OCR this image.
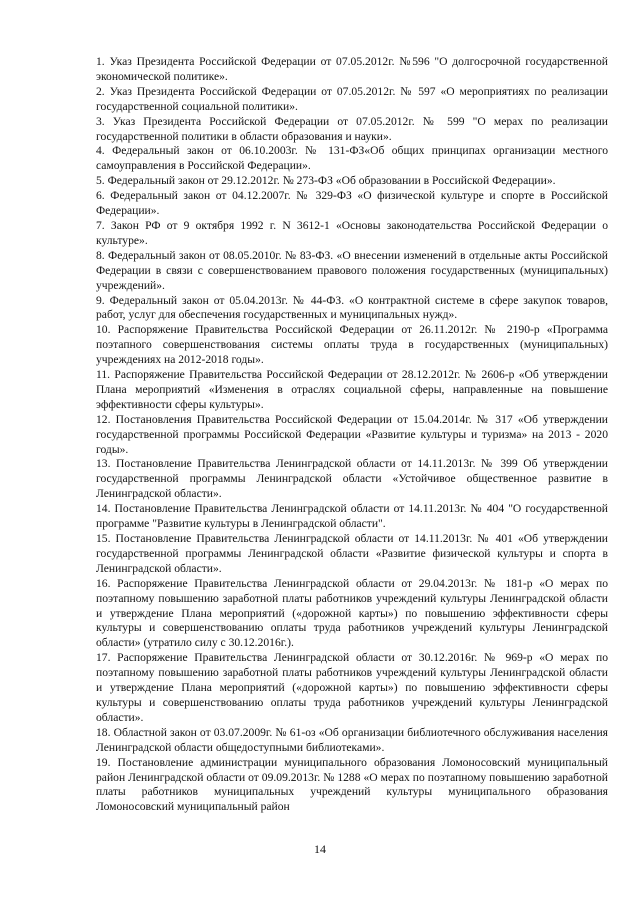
1. Указ Президента Российской Федерации от 07.05.2012г. №596 "О долгосрочной государственной экономической политике».

2. Указ Президента Российской Федерации от 07.05.2012г. № 597 «О мероприятиях по реализации государственной социальной политики».

3. Указ Президента Российской Федерации от 07.05.2012г. № 599 "О мерах по реализации государственной политики в области образования и науки».

4. Федеральный закон от 06.10.2003г. № 131-ФЗ«Об общих принципах организации местного самоуправления в Российской Федерации».

5. Федеральный закон от 29.12.2012г. № 273-ФЗ «Об образовании в Российской Федерации».

6. Федеральный закон от 04.12.2007г. № 329-ФЗ «О физической культуре и спорте в Российской Федерации».

7. Закон РФ от 9 октября 1992 г. N 3612-1 «Основы законодательства Российской Федерации о культуре».

8. Федеральный закон от 08.05.2010г. № 83-ФЗ. «О внесении изменений в отдельные акты Российской Федерации в связи с совершенствованием правового положения государственных (муниципальных) учреждений».

9. Федеральный закон от 05.04.2013г. № 44-ФЗ. «О контрактной системе в сфере закупок товаров, работ, услуг для обеспечения государственных и муниципальных нужд».

10. Распоряжение Правительства Российской Федерации от 26.11.2012г. № 2190-р «Программа поэтапного совершенствования системы оплаты труда в государственных (муниципальных) учреждениях на 2012-2018 годы».

11. Распоряжение Правительства Российской Федерации от 28.12.2012г. № 2606-р «Об утверждении Плана мероприятий «Изменения в отраслях социальной сферы, направленные на повышение эффективности сферы культуры».

12. Постановления Правительства Российской Федерации от 15.04.2014г. № 317 «Об утверждении государственной программы Российской Федерации «Развитие культуры и туризма» на 2013 - 2020 годы».

13. Постановление Правительства Ленинградской области от 14.11.2013г. № 399 Об утверждении государственной программы Ленинградской области «Устойчивое общественное развитие в Ленинградской области».

14. Постановление Правительства Ленинградской области от 14.11.2013г. № 404 "О государственной программе "Развитие культуры в Ленинградской области".

15. Постановление Правительства Ленинградской области от 14.11.2013г. № 401 «Об утверждении государственной программы Ленинградской области «Развитие физической культуры и спорта в Ленинградской области».

16. Распоряжение Правительства Ленинградской области от 29.04.2013г. № 181-р «О мерах по поэтапному повышению заработной платы работников учреждений культуры Ленинградской области и утверждение Плана мероприятий («дорожной карты») по повышению эффективности сферы культуры и совершенствованию оплаты труда работников учреждений культуры Ленинградской области» (утратило силу с 30.12.2016г.).

17. Распоряжение Правительства Ленинградской области от 30.12.2016г. № 969-р «О мерах по поэтапному повышению заработной платы работников учреждений культуры Ленинградской области и утверждение Плана мероприятий («дорожной карты») по повышению эффективности сферы культуры и совершенствованию оплаты труда работников учреждений культуры Ленинградской области».

18. Областной закон от 03.07.2009г. № 61-оз «Об организации библиотечного обслуживания населения Ленинградской области общедоступными библиотеками».

19. Постановление администрации муниципального образования Ломоносовский муниципальный район Ленинградской области от 09.09.2013г. № 1288 «О мерах по поэтапному повышению заработной платы работников муниципальных учреждений культуры муниципального образования Ломоносовский муниципальный район

14
